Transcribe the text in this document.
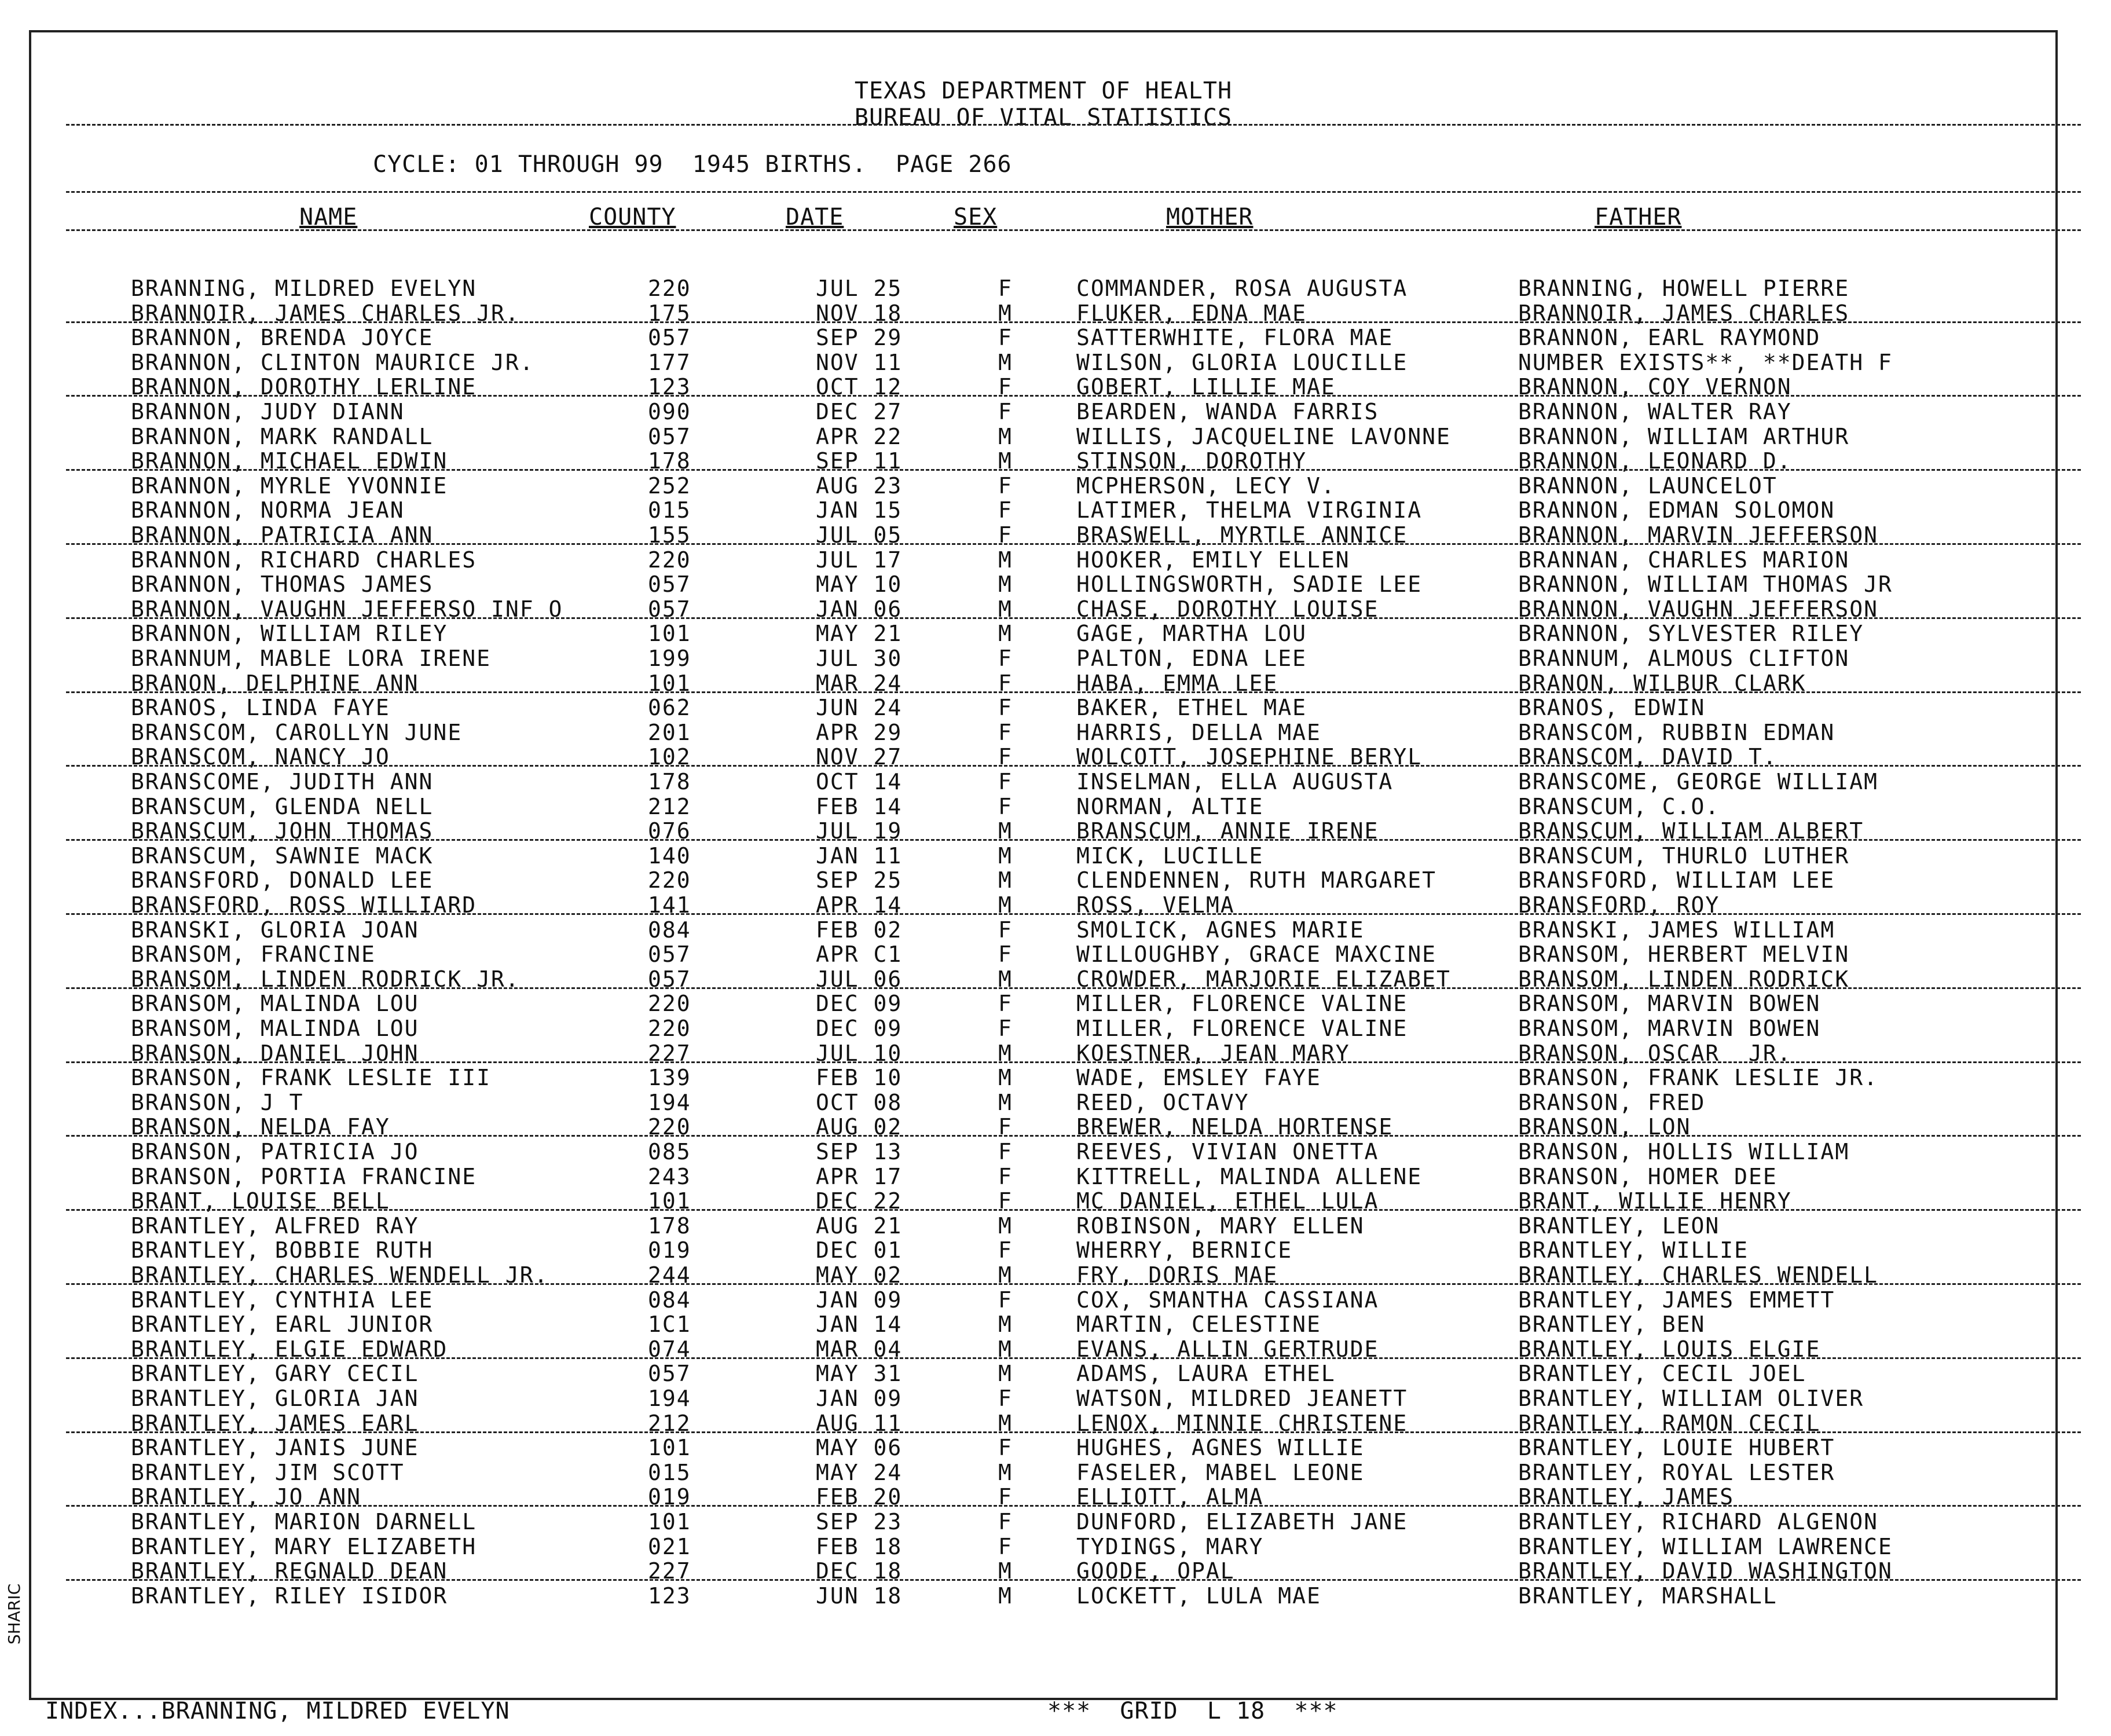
TEXAS DEPARTMENT OF HEALTH
BUREAU OF VITAL STATISTICS
CYCLE: 01 THROUGH 99  1945 BIRTHS.  PAGE 266
NAME	COUNTY	DATE	SEX	MOTHER	FATHER
BRANNING, MILDRED EVELYN	220	JUL 25	F	COMMANDER, ROSA AUGUSTA	BRANNING, HOWELL PIERRE
BRANNOIR, JAMES CHARLES JR.	175	NOV 18	M	FLUKER, EDNA MAE	BRANNOIR, JAMES CHARLES
BRANNON, BRENDA JOYCE	057	SEP 29	F	SATTERWHITE, FLORA MAE	BRANNON, EARL RAYMOND
BRANNON, CLINTON MAURICE JR.	177	NOV 11	M	WILSON, GLORIA LOUCILLE	NUMBER EXISTS**, **DEATH F
BRANNON, DOROTHY LERLINE	123	OCT 12	F	GOBERT, LILLIE MAE	BRANNON, COY VERNON
BRANNON, JUDY DIANN	090	DEC 27	F	BEARDEN, WANDA FARRIS	BRANNON, WALTER RAY
BRANNON, MARK RANDALL	057	APR 22	M	WILLIS, JACQUELINE LAVONNE	BRANNON, WILLIAM ARTHUR
BRANNON, MICHAEL EDWIN	178	SEP 11	M	STINSON, DOROTHY	BRANNON, LEONARD D.
BRANNON, MYRLE YVONNIE	252	AUG 23	F	MCPHERSON, LECY V.	BRANNON, LAUNCELOT
BRANNON, NORMA JEAN	015	JAN 15	F	LATIMER, THELMA VIRGINIA	BRANNON, EDMAN SOLOMON
BRANNON, PATRICIA ANN	155	JUL 05	F	BRASWELL, MYRTLE ANNICE	BRANNON, MARVIN JEFFERSON
BRANNON, RICHARD CHARLES	220	JUL 17	M	HOOKER, EMILY ELLEN	BRANNAN, CHARLES MARION
BRANNON, THOMAS JAMES	057	MAY 10	M	HOLLINGSWORTH, SADIE LEE	BRANNON, WILLIAM THOMAS JR
BRANNON, VAUGHN JEFFERSO INF O	057	JAN 06	M	CHASE, DOROTHY LOUISE	BRANNON, VAUGHN JEFFERSON
BRANNON, WILLIAM RILEY	101	MAY 21	M	GAGE, MARTHA LOU	BRANNON, SYLVESTER RILEY
BRANNUM, MABLE LORA IRENE	199	JUL 30	F	PALTON, EDNA LEE	BRANNUM, ALMOUS CLIFTON
BRANON, DELPHINE ANN	101	MAR 24	F	HABA, EMMA LEE	BRANON, WILBUR CLARK
BRANOS, LINDA FAYE	062	JUN 24	F	BAKER, ETHEL MAE	BRANOS, EDWIN
BRANSCOM, CAROLLYN JUNE	201	APR 29	F	HARRIS, DELLA MAE	BRANSCOM, RUBBIN EDMAN
BRANSCOM, NANCY JO	102	NOV 27	F	WOLCOTT, JOSEPHINE BERYL	BRANSCOM, DAVID T.
BRANSCOME, JUDITH ANN	178	OCT 14	F	INSELMAN, ELLA AUGUSTA	BRANSCOME, GEORGE WILLIAM
BRANSCUM, GLENDA NELL	212	FEB 14	F	NORMAN, ALTIE	BRANSCUM, C.O.
BRANSCUM, JOHN THOMAS	076	JUL 19	M	BRANSCUM, ANNIE IRENE	BRANSCUM, WILLIAM ALBERT
BRANSCUM, SAWNIE MACK	140	JAN 11	M	MICK, LUCILLE	BRANSCUM, THURLO LUTHER
BRANSFORD, DONALD LEE	220	SEP 25	M	CLENDENNEN, RUTH MARGARET	BRANSFORD, WILLIAM LEE
BRANSFORD, ROSS WILLIARD	141	APR 14	M	ROSS, VELMA	BRANSFORD, ROY
BRANSKI, GLORIA JOAN	084	FEB 02	F	SMOLICK, AGNES MARIE	BRANSKI, JAMES WILLIAM
BRANSOM, FRANCINE	057	APR C1	F	WILLOUGHBY, GRACE MAXCINE	BRANSOM, HERBERT MELVIN
BRANSOM, LINDEN RODRICK JR.	057	JUL 06	M	CROWDER, MARJORIE ELIZABET	BRANSOM, LINDEN RODRICK
BRANSOM, MALINDA LOU	220	DEC 09	F	MILLER, FLORENCE VALINE	BRANSOM, MARVIN BOWEN
BRANSOM, MALINDA LOU	220	DEC 09	F	MILLER, FLORENCE VALINE	BRANSOM, MARVIN BOWEN
BRANSON, DANIEL JOHN	227	JUL 10	M	KOESTNER, JEAN MARY	BRANSON, OSCAR  JR.
BRANSON, FRANK LESLIE III	139	FEB 10	M	WADE, EMSLEY FAYE	BRANSON, FRANK LESLIE JR.
BRANSON, J T	194	OCT 08	M	REED, OCTAVY	BRANSON, FRED
BRANSON, NELDA FAY	220	AUG 02	F	BREWER, NELDA HORTENSE	BRANSON, LON
BRANSON, PATRICIA JO	085	SEP 13	F	REEVES, VIVIAN ONETTA	BRANSON, HOLLIS WILLIAM
BRANSON, PORTIA FRANCINE	243	APR 17	F	KITTRELL, MALINDA ALLENE	BRANSON, HOMER DEE
BRANT, LOUISE BELL	101	DEC 22	F	MC DANIEL, ETHEL LULA	BRANT, WILLIE HENRY
BRANTLEY, ALFRED RAY	178	AUG 21	M	ROBINSON, MARY ELLEN	BRANTLEY, LEON
BRANTLEY, BOBBIE RUTH	019	DEC 01	F	WHERRY, BERNICE	BRANTLEY, WILLIE
BRANTLEY, CHARLES WENDELL JR.	244	MAY 02	M	FRY, DORIS MAE	BRANTLEY, CHARLES WENDELL
BRANTLEY, CYNTHIA LEE	084	JAN 09	F	COX, SMANTHA CASSIANA	BRANTLEY, JAMES EMMETT
BRANTLEY, EARL JUNIOR	1C1	JAN 14	M	MARTIN, CELESTINE	BRANTLEY, BEN
BRANTLEY, ELGIE EDWARD	074	MAR 04	M	EVANS, ALLIN GERTRUDE	BRANTLEY, LOUIS ELGIE
BRANTLEY, GARY CECIL	057	MAY 31	M	ADAMS, LAURA ETHEL	BRANTLEY, CECIL JOEL
BRANTLEY, GLORIA JAN	194	JAN 09	F	WATSON, MILDRED JEANETT	BRANTLEY, WILLIAM OLIVER
BRANTLEY, JAMES EARL	212	AUG 11	M	LENOX, MINNIE CHRISTENE	BRANTLEY, RAMON CECIL
BRANTLEY, JANIS JUNE	101	MAY 06	F	HUGHES, AGNES WILLIE	BRANTLEY, LOUIE HUBERT
BRANTLEY, JIM SCOTT	015	MAY 24	M	FASELER, MABEL LEONE	BRANTLEY, ROYAL LESTER
BRANTLEY, JO ANN	019	FEB 20	F	ELLIOTT, ALMA	BRANTLEY, JAMES
BRANTLEY, MARION DARNELL	101	SEP 23	F	DUNFORD, ELIZABETH JANE	BRANTLEY, RICHARD ALGENON
BRANTLEY, MARY ELIZABETH	021	FEB 18	F	TYDINGS, MARY	BRANTLEY, WILLIAM LAWRENCE
BRANTLEY, REGNALD DEAN	227	DEC 18	M	GOODE, OPAL	BRANTLEY, DAVID WASHINGTON
BRANTLEY, RILEY ISIDOR	123	JUN 18	M	LOCKETT, LULA MAE	BRANTLEY, MARSHALL
INDEX...BRANNING, MILDRED EVELYN	***  GRID  L 18  ***
SHARIC
